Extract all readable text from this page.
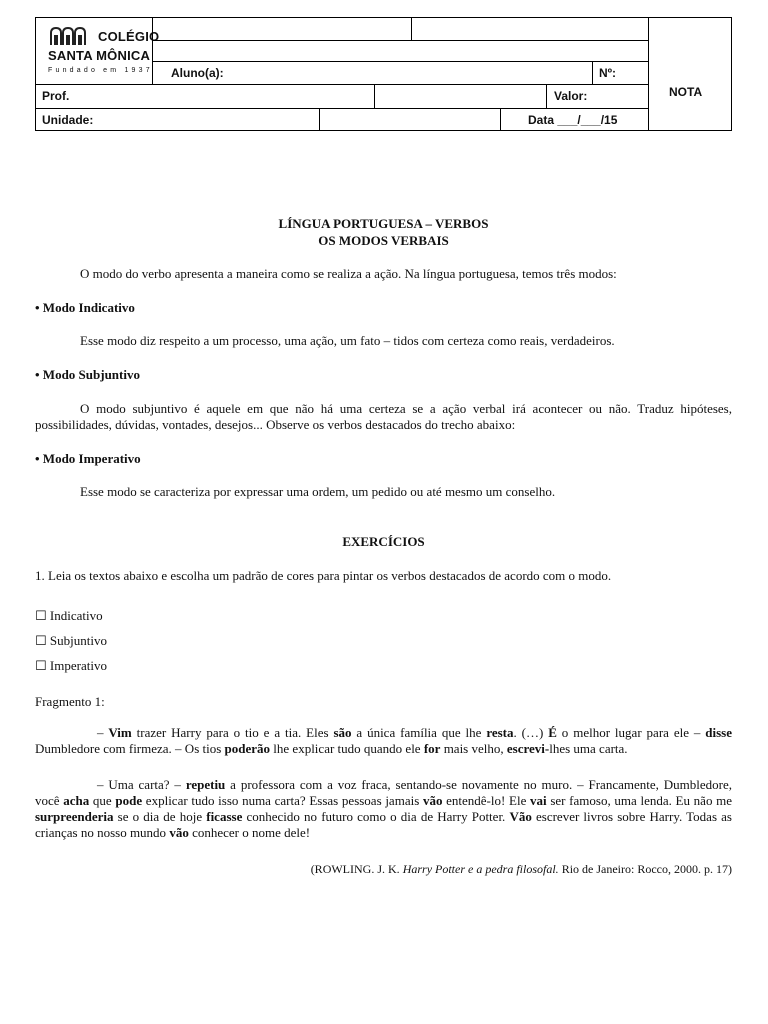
COLÉGIO
SANTA MÔNICA
Fundado em 1937 Aluno(a):	Nº:
Prof.	Valor:	NOTA
Unidade:	Data ___/___/15
LÍNGUA PORTUGUESA – VERBOS
OS MODOS VERBAIS
O modo do verbo apresenta a maneira como se realiza a ação. Na língua portuguesa, temos três modos:
• Modo Indicativo
Esse modo diz respeito a um processo, uma ação, um fato – tidos com certeza como reais, verdadeiros.
• Modo Subjuntivo
O modo subjuntivo é aquele em que não há uma certeza se a ação verbal irá acontecer ou não. Traduz hipóteses, possibilidades, dúvidas, vontades, desejos... Observe os verbos destacados do trecho abaixo:
• Modo Imperativo
Esse modo se caracteriza por expressar uma ordem, um pedido ou até mesmo um conselho.
EXERCÍCIOS
1. Leia os textos abaixo e escolha um padrão de cores para pintar os verbos destacados de acordo com o modo.
☐ Indicativo
☐ Subjuntivo
☐ Imperativo
Fragmento 1:
– Vim trazer Harry para o tio e a tia. Eles são a única família que lhe resta. (…) É o melhor lugar para ele – disse Dumbledore com firmeza. – Os tios poderão lhe explicar tudo quando ele for mais velho, escrevi-lhes uma carta.
– Uma carta? – repetiu a professora com a voz fraca, sentando-se novamente no muro. – Francamente, Dumbledore, você acha que pode explicar tudo isso numa carta? Essas pessoas jamais vão entendê-lo! Ele vai ser famoso, uma lenda. Eu não me surpreenderia se o dia de hoje ficasse conhecido no futuro como o dia de Harry Potter. Vão escrever livros sobre Harry. Todas as crianças no nosso mundo vão conhecer o nome dele!
(ROWLING. J. K. Harry Potter e a pedra filosofal. Rio de Janeiro: Rocco, 2000. p. 17)
